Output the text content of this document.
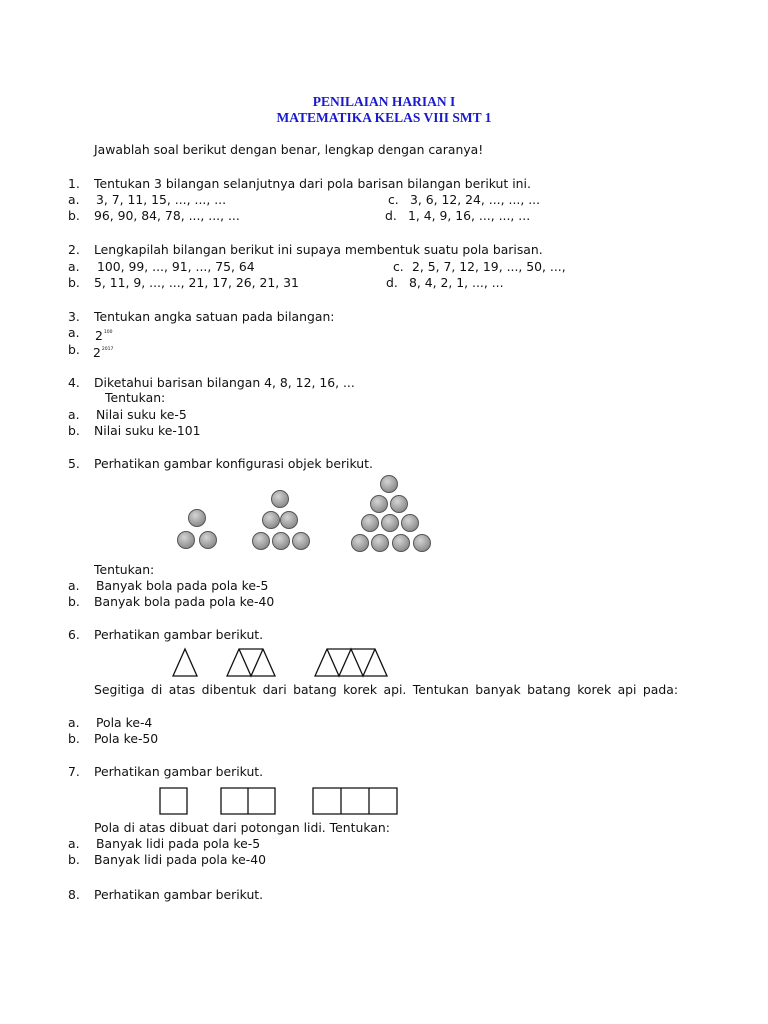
PENILAIAN HARIAN I
MATEMATIKA KELAS VIII SMT 1
Jawablah soal berikut dengan benar, lengkap dengan caranya!
1. Tentukan 3 bilangan selanjutnya dari pola barisan bilangan berikut ini.
a. 3, 7, 11, 15, ..., ..., ...	c. 3, 6, 12, 24, ..., ..., ...
b. 96, 90, 84, 78, ..., ..., ...	d. 1, 4, 9, 16, ..., ..., ...
2. Lengkapilah bilangan berikut ini supaya membentuk suatu pola barisan.
a. 100, 99, ..., 91, ..., 75, 64	c. 2, 5, 7, 12, 19, ..., 50, ...,
b. 5, 11, 9, ..., ..., 21, 17, 26, 21, 31	d. 8, 4, 2, 1, ..., ...
3. Tentukan angka satuan pada bilangan:
a. $2^{100}$
b. $2^{2017}$
4. Diketahui barisan bilangan 4, 8, 12, 16, ...
Tentukan:
a. Nilai suku ke-5
b. Nilai suku ke-101
5. Perhatikan gambar konfigurasi objek berikut.
Tentukan:
a. Banyak bola pada pola ke-5
b. Banyak bola pada pola ke-40
6. Perhatikan gambar berikut.
Segitiga di atas dibentuk dari batang korek api. Tentukan banyak batang korek api pada:
a. Pola ke-4
b. Pola ke-50
7. Perhatikan gambar berikut.
Pola di atas dibuat dari potongan lidi. Tentukan:
a. Banyak lidi pada pola ke-5
b. Banyak lidi pada pola ke-40
8. Perhatikan gambar berikut.
